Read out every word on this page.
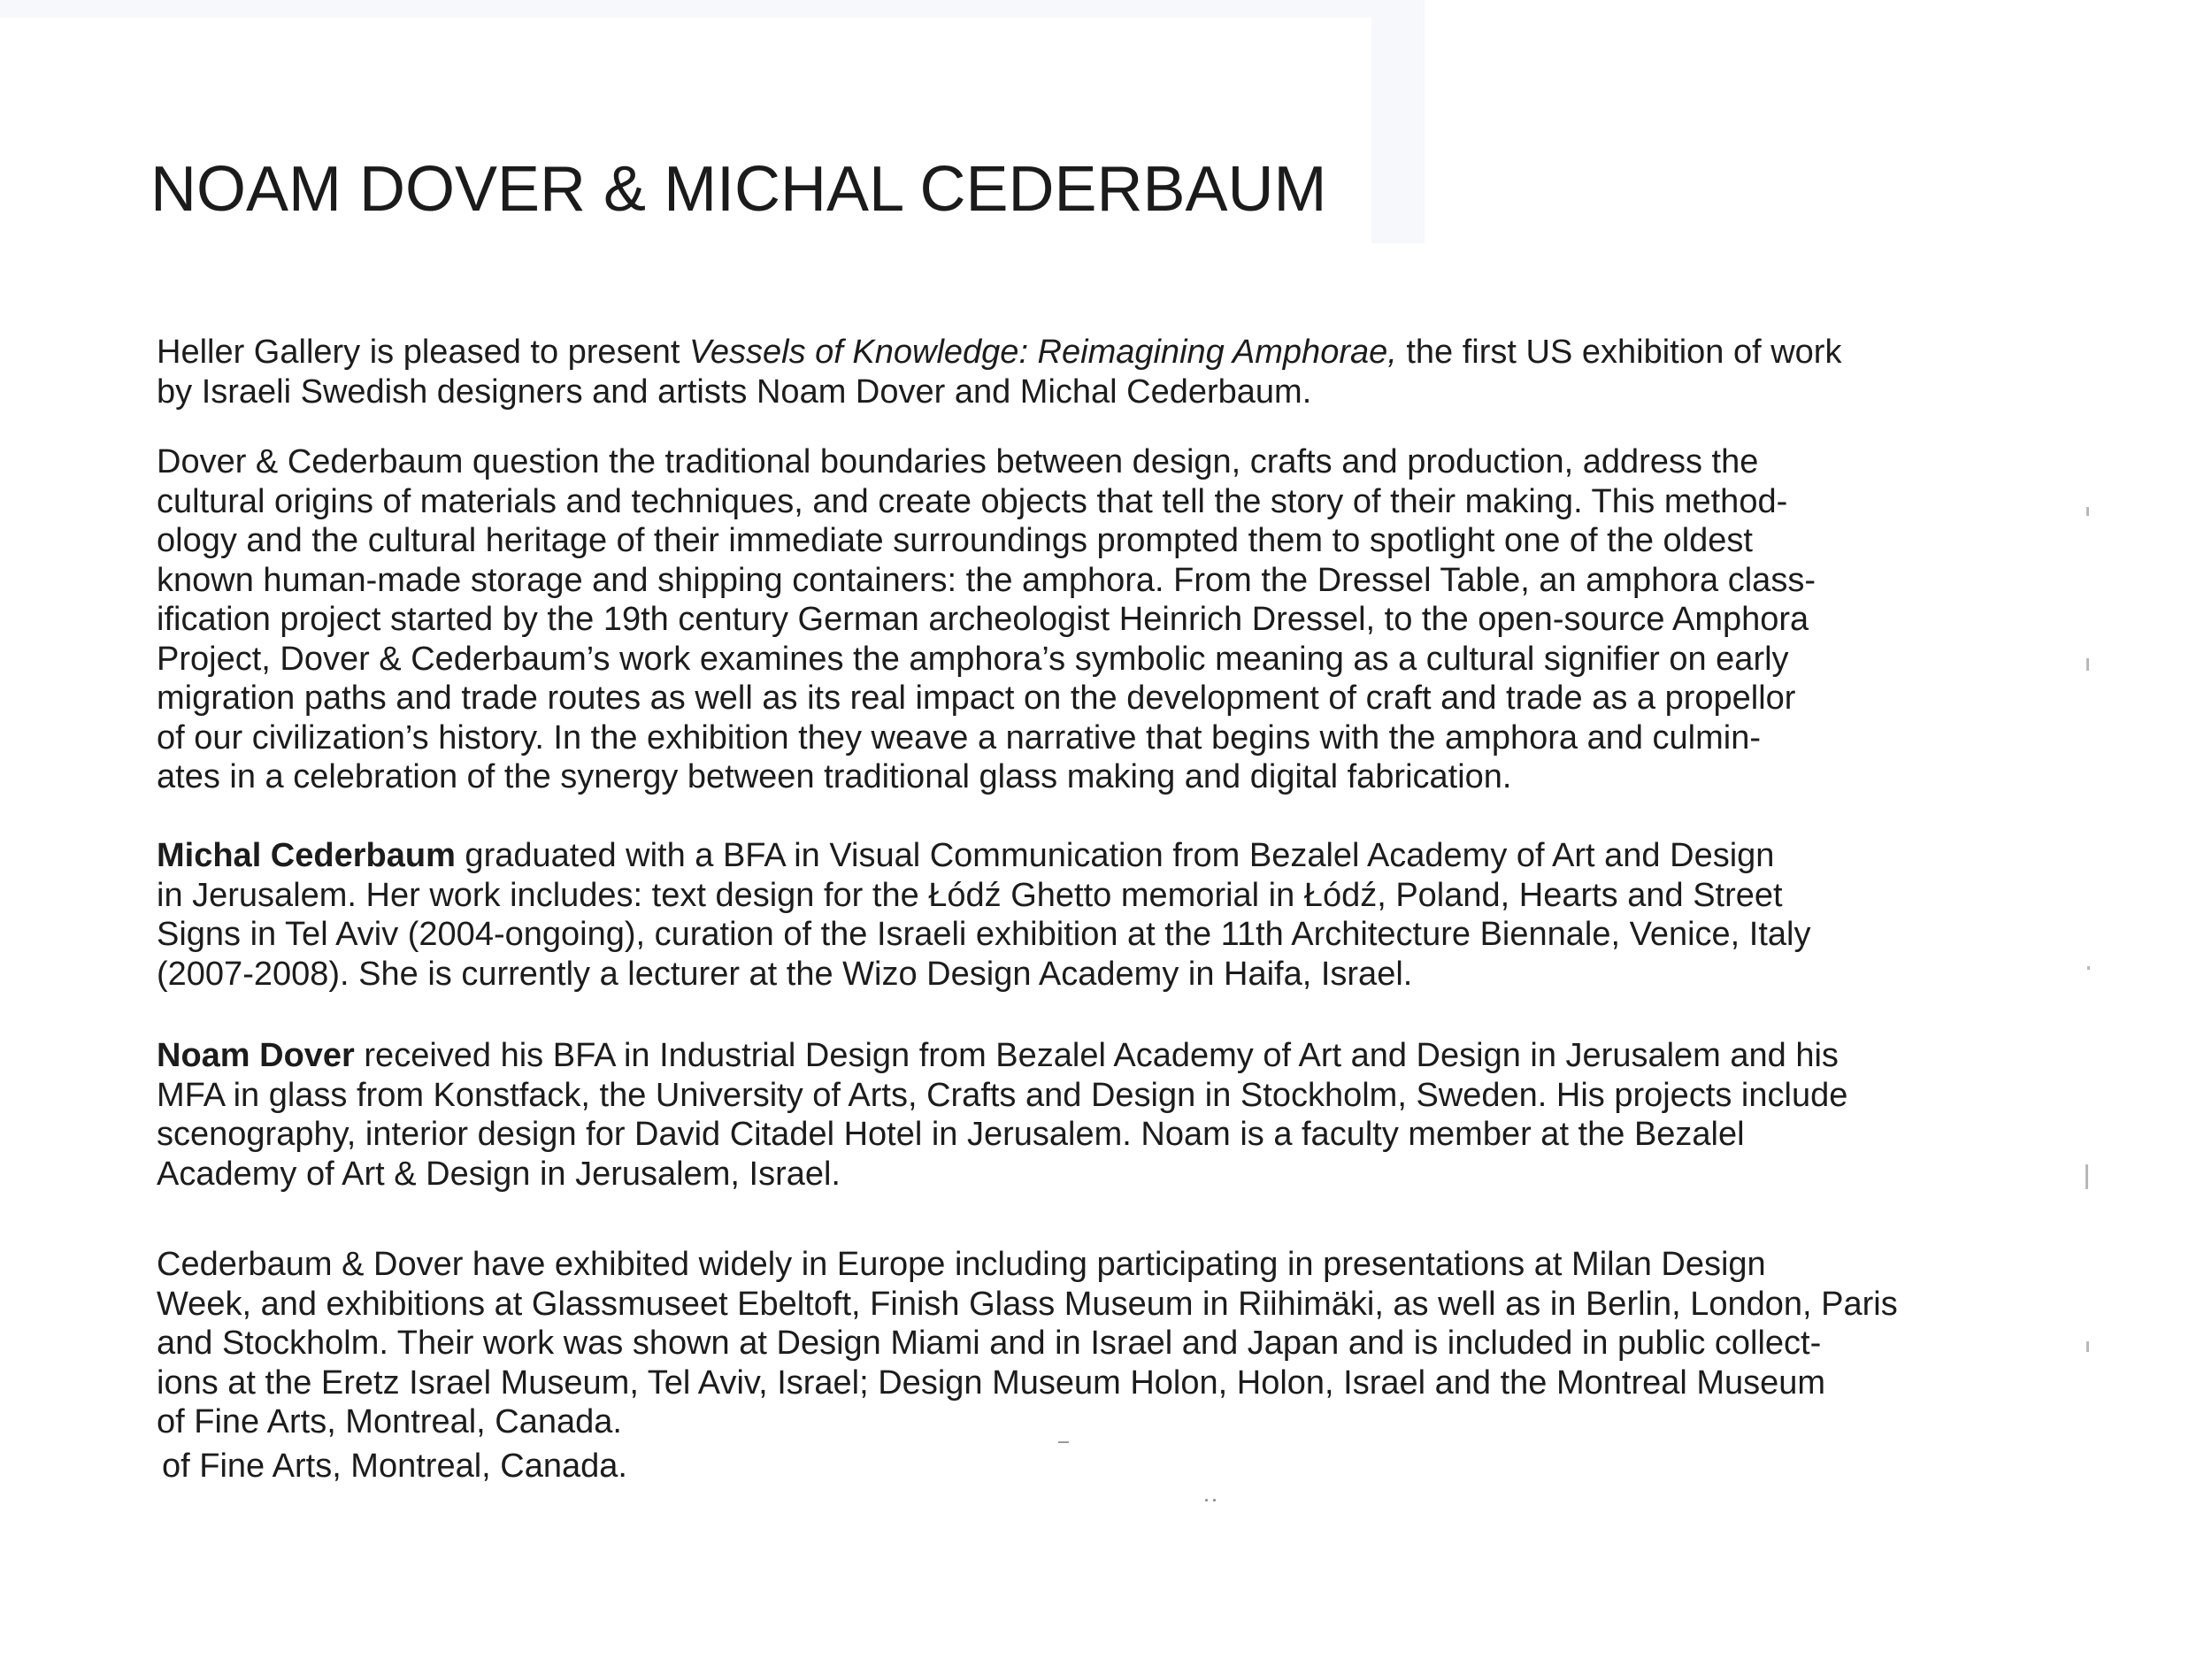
NOAM DOVER & MICHAL CEDERBAUM

Heller Gallery is pleased to present Vessels of Knowledge: Reimagining Amphorae, the first US exhibition of work
by Israeli Swedish designers and artists Noam Dover and Michal Cederbaum.

Dover & Cederbaum question the traditional boundaries between design, crafts and production, address the
cultural origins of materials and techniques, and create objects that tell the story of their making. This method-
ology and the cultural heritage of their immediate surroundings prompted them to spotlight one of the oldest
known human-made storage and shipping containers: the amphora. From the Dressel Table, an amphora class-
ification project started by the 19th century German archeologist Heinrich Dressel, to the open-source Amphora
Project, Dover & Cederbaum’s work examines the amphora’s symbolic meaning as a cultural signifier on early
migration paths and trade routes as well as its real impact on the development of craft and trade as a propellor
of our civilization’s history. In the exhibition they weave a narrative that begins with the amphora and culmin-
ates in a celebration of the synergy between traditional glass making and digital fabrication.

Michal Cederbaum graduated with a BFA in Visual Communication from Bezalel Academy of Art and Design
in Jerusalem. Her work includes: text design for the Łódź Ghetto memorial in Łódź, Poland, Hearts and Street
Signs in Tel Aviv (2004-ongoing), curation of the Israeli exhibition at the 11th Architecture Biennale, Venice, Italy
(2007-2008). She is currently a lecturer at the Wizo Design Academy in Haifa, Israel.

Noam Dover received his BFA in Industrial Design from Bezalel Academy of Art and Design in Jerusalem and his
MFA in glass from Konstfack, the University of Arts, Crafts and Design in Stockholm, Sweden. His projects include
scenography, interior design for David Citadel Hotel in Jerusalem. Noam is a faculty member at the Bezalel
Academy of Art & Design in Jerusalem, Israel.

Cederbaum & Dover have exhibited widely in Europe including participating in presentations at Milan Design
Week, and exhibitions at Glassmuseet Ebeltoft, Finish Glass Museum in Riihimäki, as well as in Berlin, London, Paris
and Stockholm. Their work was shown at Design Miami and in Israel and Japan and is included in public collect-
ions at the Eretz Israel Museum, Tel Aviv, Israel; Design Museum Holon, Holon, Israel and the Montreal Museum
of Fine Arts, Montreal, Canada.

of Fine Arts, Montreal, Canada.
